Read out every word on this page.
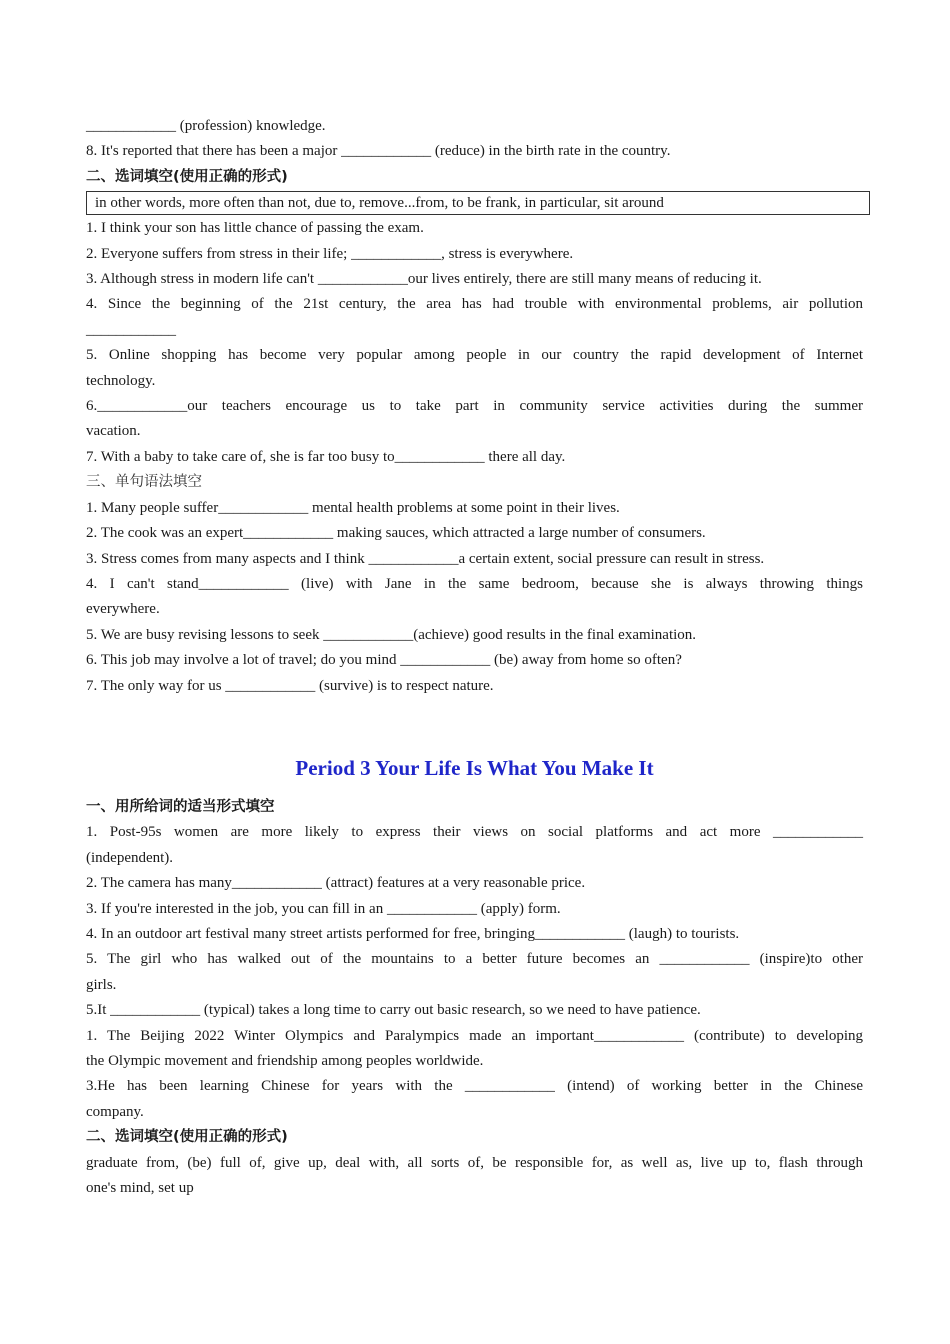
____________ (profession) knowledge.
8. It's reported that there has been a major ____________ (reduce) in the birth rate in the country.
二、选词填空(使用正确的形式)
in other words, more often than not, due to, remove...from, to be frank, in particular, sit around
1. I think your son has little chance of passing the exam.
2. Everyone suffers from stress in their life; ____________, stress is everywhere.
3. Although stress in modern life can't ____________our lives entirely, there are still many means of reducing it.
4. Since the beginning of the 21st century, the area has had trouble with environmental problems, air pollution
____________
5. Online shopping has become very popular among people in our country the rapid development of Internet
technology.
6.____________our teachers encourage us to take part in community service activities during the summer
vacation.
7. With a baby to take care of, she is far too busy to____________ there all day.
三、单句语法填空
1. Many people suffer____________ mental health problems at some point in their lives.
2. The cook was an expert____________ making sauces, which attracted a large number of consumers.
3. Stress comes from many aspects and I think ____________a certain extent, social pressure can result in stress.
4. I can't stand____________ (live) with Jane in the same bedroom, because she is always throwing things
everywhere.
5. We are busy revising lessons to seek ____________(achieve) good results in the final examination.
6. This job may involve a lot of travel; do you mind ____________ (be) away from home so often?
7. The only way for us ____________ (survive) is to respect nature.
Period 3 Your Life Is What You Make It
一、用所给词的适当形式填空
1. Post-95s women are more likely to express their views on social platforms and act more ____________
(independent).
2. The camera has many____________ (attract) features at a very reasonable price.
3. If you're interested in the job, you can fill in an ____________ (apply) form.
4. In an outdoor art festival many street artists performed for free, bringing____________ (laugh) to tourists.
5. The girl who has walked out of the mountains to a better future becomes an ____________ (inspire)to other
girls.
5.It ____________ (typical) takes a long time to carry out basic research, so we need to have patience.
1. The Beijing 2022 Winter Olympics and Paralympics made an important____________ (contribute) to developing
the Olympic movement and friendship among peoples worldwide.
3.He has been learning Chinese for years with the ____________ (intend) of working better in the Chinese
company.
二、选词填空(使用正确的形式)
graduate from, (be) full of, give up, deal with, all sorts of, be responsible for, as well as, live up to, flash through
one's mind, set up
